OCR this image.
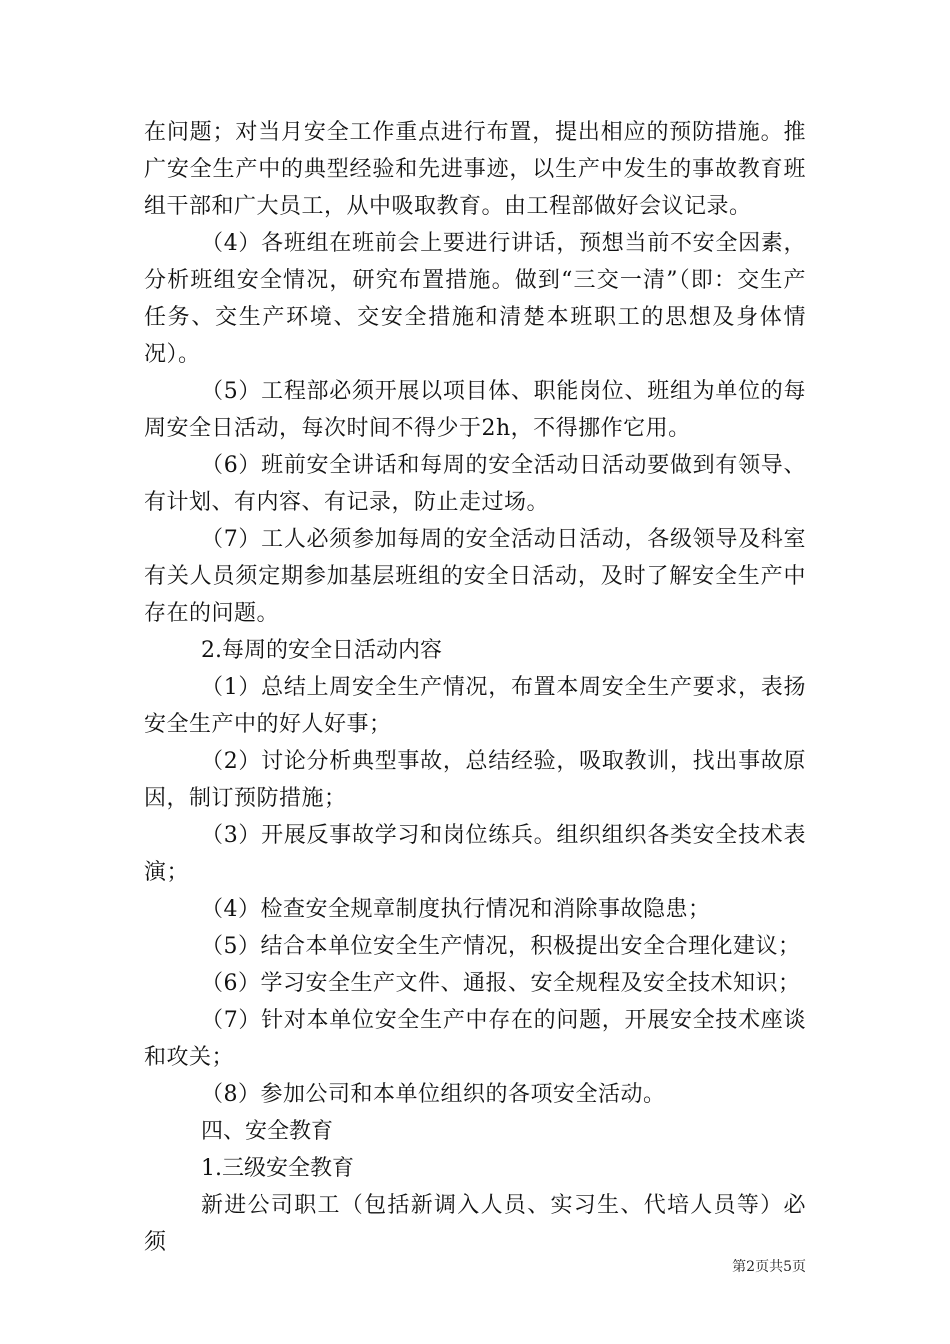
在问题；对当月安全工作重点进行布置，提出相应的预防措施。推广安全生产中的典型经验和先进事迹，以生产中发生的事故教育班组干部和广大员工，从中吸取教育。由工程部做好会议记录。

（4）各班组在班前会上要进行讲话，预想当前不安全因素，分析班组安全情况，研究布置措施。做到“三交一清”（即：交生产任务、交生产环境、交安全措施和清楚本班职工的思想及身体情况）。

（5）工程部必须开展以项目体、职能岗位、班组为单位的每周安全日活动，每次时间不得少于2h，不得挪作它用。

（6）班前安全讲话和每周的安全活动日活动要做到有领导、有计划、有内容、有记录，防止走过场。

（7）工人必须参加每周的安全活动日活动，各级领导及科室有关人员须定期参加基层班组的安全日活动，及时了解安全生产中存在的问题。

2.每周的安全日活动内容

（1）总结上周安全生产情况，布置本周安全生产要求，表扬安全生产中的好人好事；

（2）讨论分析典型事故，总结经验，吸取教训，找出事故原因，制订预防措施；

（3）开展反事故学习和岗位练兵。组织组织各类安全技术表演；

（4）检查安全规章制度执行情况和消除事故隐患；

（5）结合本单位安全生产情况，积极提出安全合理化建议；

（6）学习安全生产文件、通报、安全规程及安全技术知识；

（7）针对本单位安全生产中存在的问题，开展安全技术座谈和攻关；

（8）参加公司和本单位组织的各项安全活动。

四、安全教育

1.三级安全教育

新进公司职工（包括新调入人员、实习生、代培人员等）必须

第2页共5页
